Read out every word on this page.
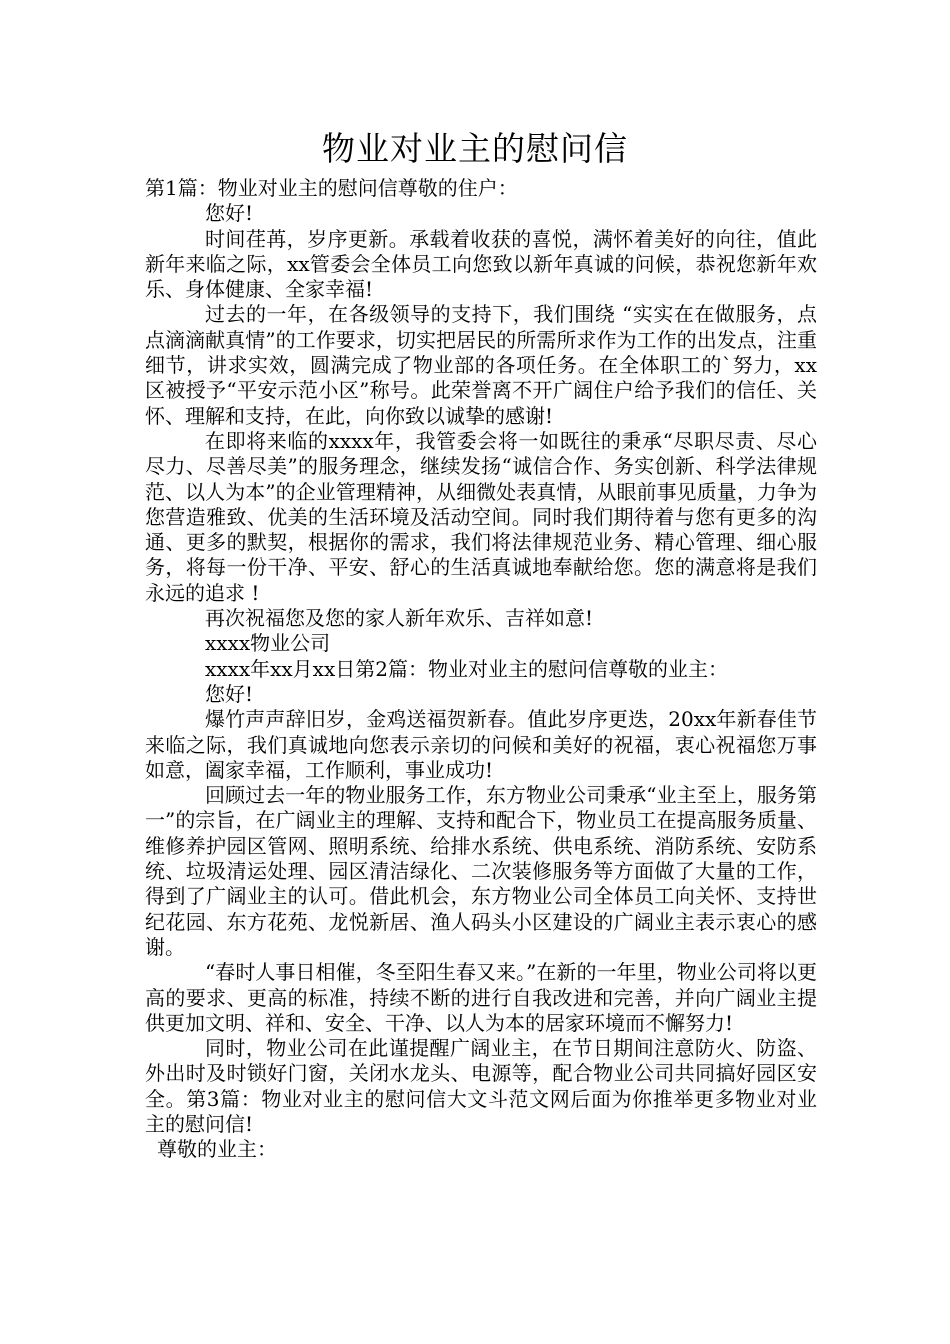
物业对业主的慰问信

第1篇：物业对业主的慰问信尊敬的住户：

您好!

时间荏苒，岁序更新。承载着收获的喜悦，满怀着美好的向往，值此新年来临之际，xx管委会全体员工向您致以新年真诚的问候，恭祝您新年欢乐、身体健康、全家幸福!

过去的一年，在各级领导的支持下，我们围绕 “实实在在做服务，点点滴滴献真情”的工作要求，切实把居民的所需所求作为工作的出发点，注重细节，讲求实效，圆满完成了物业部的各项任务。在全体职工的`努力，xx区被授予“平安示范小区”称号。此荣誉离不开广阔住户给予我们的信任、关怀、理解和支持，在此，向你致以诚挚的感谢!

在即将来临的xxxx年，我管委会将一如既往的秉承“尽职尽责、尽心尽力、尽善尽美”的服务理念，继续发扬“诚信合作、务实创新、科学法律规范、以人为本”的企业管理精神，从细微处表真情，从眼前事见质量，力争为您营造雅致、优美的生活环境及活动空间。同时我们期待着与您有更多的沟通、更多的默契，根据你的需求，我们将法律规范业务、精心管理、细心服务，将每一份干净、平安、舒心的生活真诚地奉献给您。您的满意将是我们永远的追求 !

再次祝福您及您的家人新年欢乐、吉祥如意!

xxxx物业公司

xxxx年xx月xx日第2篇：物业对业主的慰问信尊敬的业主：

您好!

爆竹声声辞旧岁，金鸡送福贺新春。值此岁序更迭，20xx年新春佳节来临之际，我们真诚地向您表示亲切的问候和美好的祝福，衷心祝福您万事如意，阖家幸福，工作顺利，事业成功!

回顾过去一年的物业服务工作，东方物业公司秉承“业主至上，服务第一”的宗旨，在广阔业主的理解、支持和配合下，物业员工在提高服务质量、维修养护园区管网、照明系统、给排水系统、供电系统、消防系统、安防系统、垃圾清运处理、园区清洁绿化、二次装修服务等方面做了大量的工作，得到了广阔业主的认可。借此机会，东方物业公司全体员工向关怀、支持世纪花园、东方花苑、龙悦新居、渔人码头小区建设的广阔业主表示衷心的感谢。

“春时人事日相催，冬至阳生春又来。”在新的一年里，物业公司将以更高的要求、更高的标准，持续不断的进行自我改进和完善，并向广阔业主提供更加文明、祥和、安全、干净、以人为本的居家环境而不懈努力!

同时，物业公司在此谨提醒广阔业主，在节日期间注意防火、防盗、外出时及时锁好门窗，关闭水龙头、电源等，配合物业公司共同搞好园区安全。第3篇：物业对业主的慰问信大文斗范文网后面为你推举更多物业对业主的慰问信!

尊敬的业主：
